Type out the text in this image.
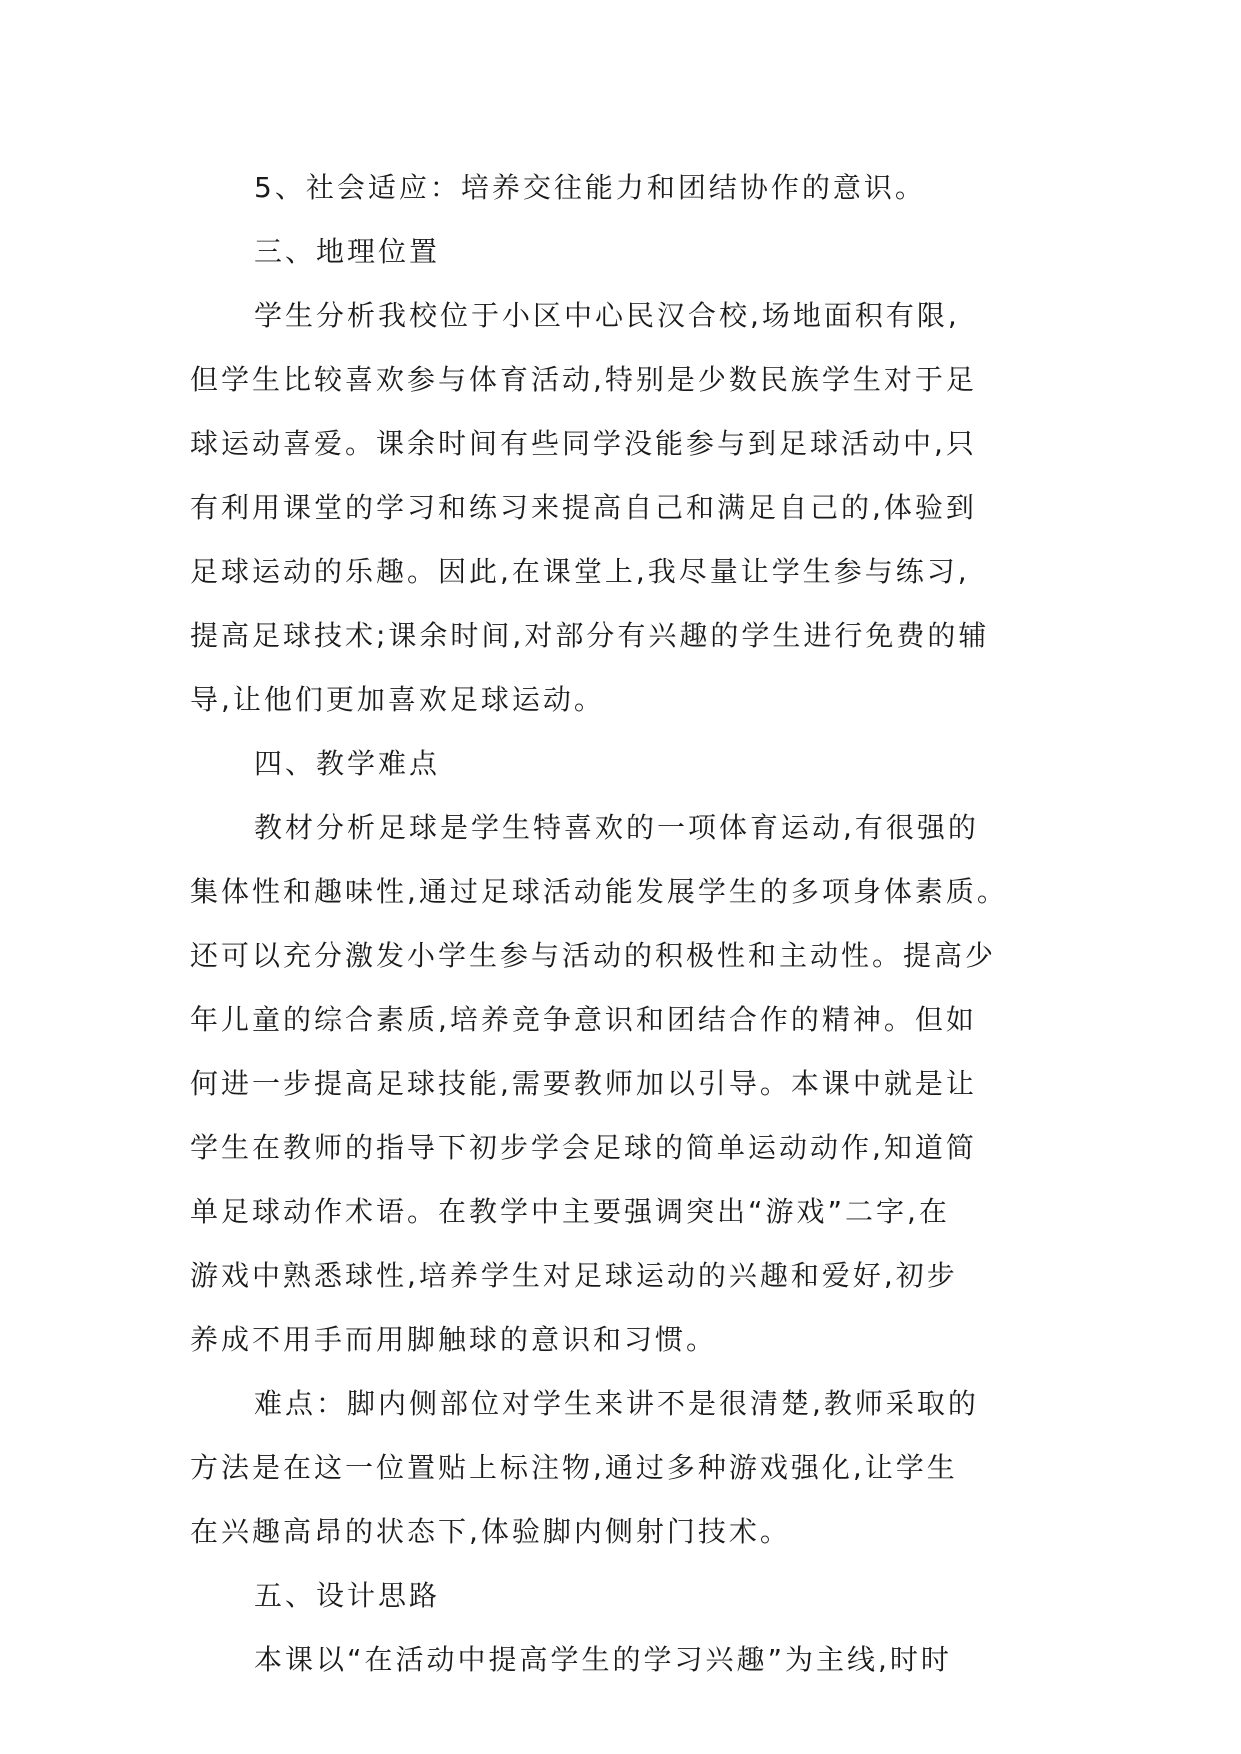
5、社会适应：培养交往能力和团结协作的意识。
三、地理位置
学生分析我校位于小区中心民汉合校,场地面积有限,
但学生比较喜欢参与体育活动,特别是少数民族学生对于足
球运动喜爱。课余时间有些同学没能参与到足球活动中,只
有利用课堂的学习和练习来提高自己和满足自己的,体验到
足球运动的乐趣。因此,在课堂上,我尽量让学生参与练习,
提高足球技术;课余时间,对部分有兴趣的学生进行免费的辅
导,让他们更加喜欢足球运动。
四、教学难点
教材分析足球是学生特喜欢的一项体育运动,有很强的
集体性和趣味性,通过足球活动能发展学生的多项身体素质。
还可以充分激发小学生参与活动的积极性和主动性。提高少
年儿童的综合素质,培养竞争意识和团结合作的精神。但如
何进一步提高足球技能,需要教师加以引导。本课中就是让
学生在教师的指导下初步学会足球的简单运动动作,知道简
单足球动作术语。在教学中主要强调突出“游戏”二字,在
游戏中熟悉球性,培养学生对足球运动的兴趣和爱好,初步
养成不用手而用脚触球的意识和习惯。
难点：脚内侧部位对学生来讲不是很清楚,教师采取的
方法是在这一位置贴上标注物,通过多种游戏强化,让学生
在兴趣高昂的状态下,体验脚内侧射门技术。
五、设计思路
本课以“在活动中提高学生的学习兴趣”为主线,时时
